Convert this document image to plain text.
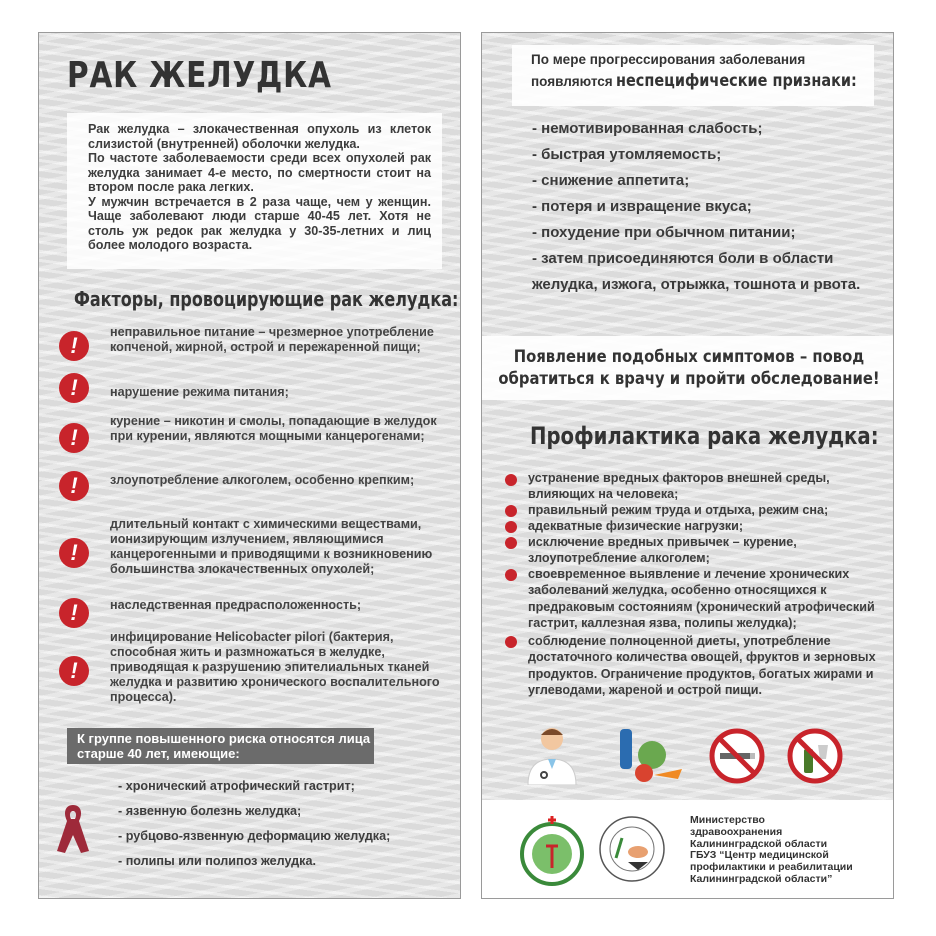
РАК ЖЕЛУДКА
Рак желудка – злокачественная опухоль из клеток слизистой (внутренней) оболочки желудка.
По частоте заболеваемости среди всех опухолей рак желудка занимает 4-е место, по смертности стоит на втором после рака легких.
У мужчин встречается в 2 раза чаще, чем у женщин. Чаще заболевают люди старше 40-45 лет. Хотя не столь уж редок рак желудка у 30-35-летних и лиц более молодого возраста.
Факторы, провоцирующие рак желудка:
К группе повышенного риска относятся лица старше 40 лет, имеющие:
неправильное питание – чрезмерное употребление копченой, жирной, острой и пережаренной пищи;
!
нарушение режима питания;
!
курение – никотин и смолы, попадающие в желудок при курении, являются мощными канцерогенами;
!
злоупотребление алкоголем, особенно крепким;
!
длительный контакт с химическими веществами, ионизирующим излучением, являющимися канцерогенными и приводящими к возникновению большинства злокачественных опухолей;
!
наследственная предрасположенность;
!
инфицирование Helicobacter pilori (бактерия, способная жить и размножаться в желудке, приводящая к разрушению эпителиальных тканей желудка и развитию хронического воспалительного процесса).
!
- хронический атрофический гастрит;
- язвенную болезнь желудка;
- рубцово-язвенную деформацию желудка;
- полипы или полипоз желудка.
По мере прогрессирования заболевания
появляются неспецифические признаки:
Появление подобных симптомов – повод обратиться к врачу и пройти обследование!
Профилактика рака желудка:
Министерство
здравоохранения
Калининградской области
ГБУЗ “Центр медицинской
профилактики и реабилитации
Калининградской области”
- немотивированная слабость;
- быстрая утомляемость;
- снижение аппетита;
- потеря и извращение вкуса;
- похудение при обычном питании;
- затем присоединяются боли в области желудка, изжога, отрыжка, тошнота и рвота.
устранение вредных факторов внешней среды, влияющих на человека;
правильный режим труда и отдыха, режим сна;
адекватные физические нагрузки;
исключение вредных привычек – курение, злоупотребление алкоголем;
своевременное выявление и лечение хронических заболеваний желудка, особенно относящихся к предраковым состояниям (хронический атрофический гастрит, каллезная язва, полипы желудка);
соблюдение полноценной диеты, употребление достаточного количества овощей, фруктов и зерновых продуктов. Ограничение продуктов, богатых жирами и углеводами, жареной и острой пищи.
